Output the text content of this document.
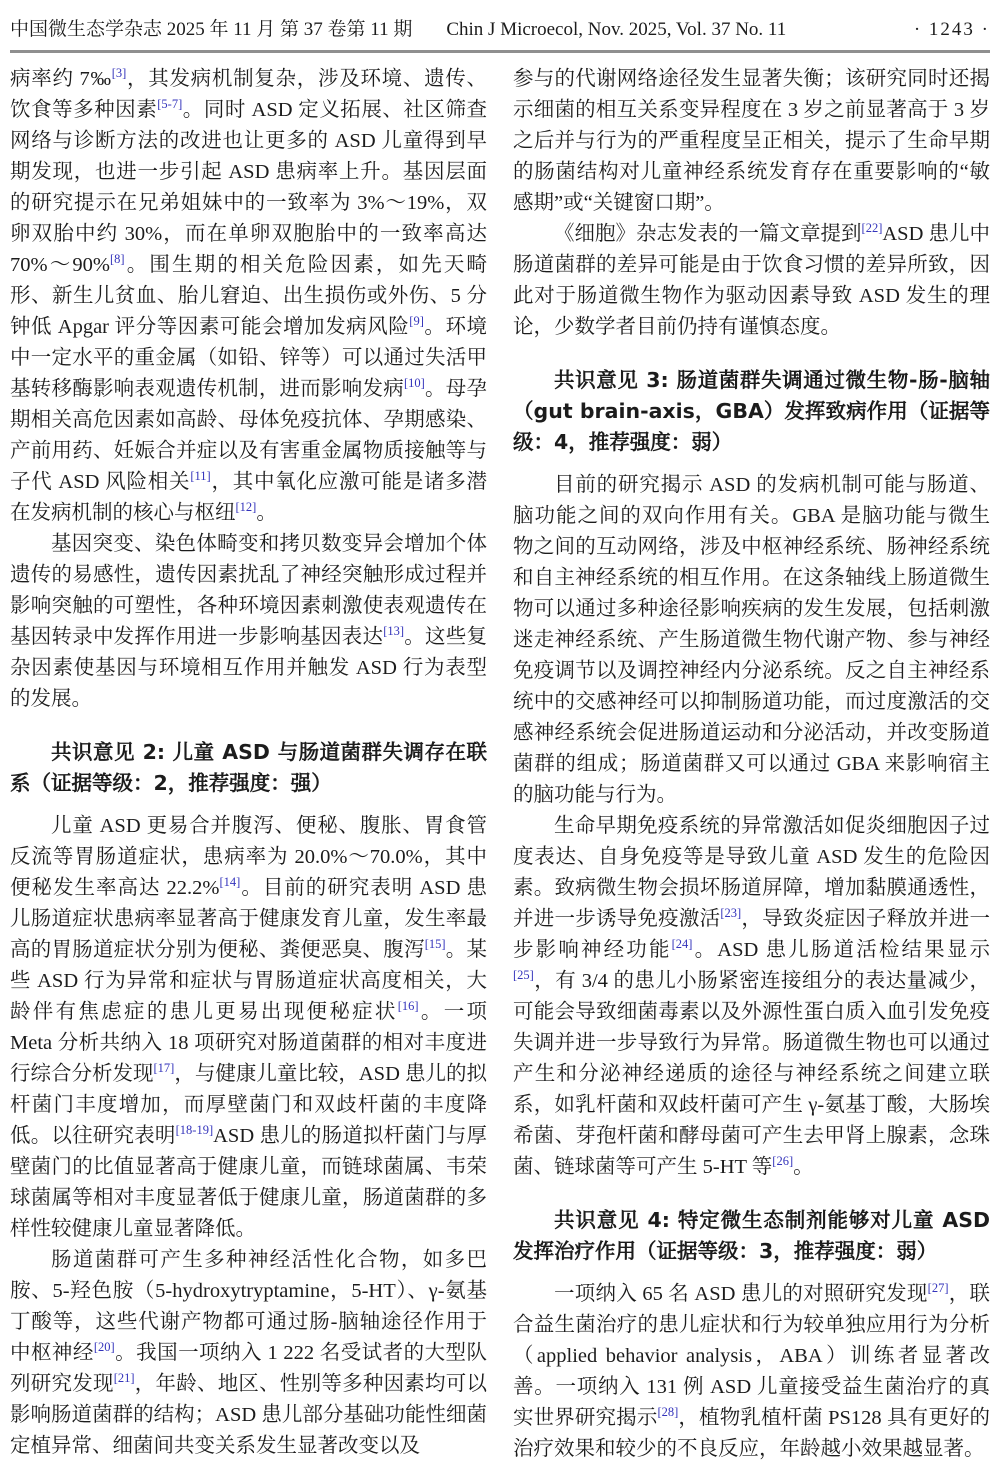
中国微生态学杂志 2025 年 11 月 第 37 卷第 11 期 Chin J Microecol, Nov. 2025, Vol. 37 No. 11	· 1243 ·

病率约 7‰[3]，其发病机制复杂，涉及环境、遗传、饮食等多种因素[5-7]。同时 ASD 定义拓展、社区筛查网络与诊断方法的改进也让更多的 ASD 儿童得到早期发现，也进一步引起 ASD 患病率上升。基因层面的研究提示在兄弟姐妹中的一致率为 3%～19%，双卵双胎中约 30%，而在单卵双胞胎中的一致率高达 70%～90%[8]。围生期的相关危险因素，如先天畸形、新生儿贫血、胎儿窘迫、出生损伤或外伤、5 分钟低 Apgar 评分等因素可能会增加发病风险[9]。环境中一定水平的重金属（如铅、锌等）可以通过失活甲基转移酶影响表观遗传机制，进而影响发病[10]。母孕期相关高危因素如高龄、母体免疫抗体、孕期感染、产前用药、妊娠合并症以及有害重金属物质接触等与子代 ASD 风险相关[11]，其中氧化应激可能是诸多潜在发病机制的核心与枢纽[12]。

基因突变、染色体畸变和拷贝数变异会增加个体遗传的易感性，遗传因素扰乱了神经突触形成过程并影响突触的可塑性，各种环境因素刺激使表观遗传在基因转录中发挥作用进一步影响基因表达[13]。这些复杂因素使基因与环境相互作用并触发 ASD 行为表型的发展。

共识意见 2: 儿童 ASD 与肠道菌群失调存在联系（证据等级：2，推荐强度：强）

儿童 ASD 更易合并腹泻、便秘、腹胀、胃食管反流等胃肠道症状，患病率为 20.0%～70.0%，其中便秘发生率高达 22.2%[14]。目前的研究表明 ASD 患儿肠道症状患病率显著高于健康发育儿童，发生率最高的胃肠道症状分别为便秘、粪便恶臭、腹泻[15]。某些 ASD 行为异常和症状与胃肠道症状高度相关，大龄伴有焦虑症的患儿更易出现便秘症状[16]。一项 Meta 分析共纳入 18 项研究对肠道菌群的相对丰度进行综合分析发现[17]，与健康儿童比较，ASD 患儿的拟杆菌门丰度增加，而厚壁菌门和双歧杆菌的丰度降低。以往研究表明[18-19]ASD 患儿的肠道拟杆菌门与厚壁菌门的比值显著高于健康儿童，而链球菌属、韦荣球菌属等相对丰度显著低于健康儿童，肠道菌群的多样性较健康儿童显著降低。

肠道菌群可产生多种神经活性化合物，如多巴胺、5-羟色胺（5-hydroxytryptamine，5-HT）、γ-氨基丁酸等，这些代谢产物都可通过肠-脑轴途径作用于中枢神经[20]。我国一项纳入 1 222 名受试者的大型队列研究发现[21]，年龄、地区、性别等多种因素均可以影响肠道菌群的结构；ASD 患儿部分基础功能性细菌定植异常、细菌间共变关系发生显著改变以及

参与的代谢网络途径发生显著失衡；该研究同时还揭示细菌的相互关系变异程度在 3 岁之前显著高于 3 岁之后并与行为的严重程度呈正相关，提示了生命早期的肠菌结构对儿童神经系统发育存在重要影响的“敏感期”或“关键窗口期”。

《细胞》杂志发表的一篇文章提到[22]ASD 患儿中肠道菌群的差异可能是由于饮食习惯的差异所致，因此对于肠道微生物作为驱动因素导致 ASD 发生的理论，少数学者目前仍持有谨慎态度。

共识意见 3: 肠道菌群失调通过微生物-肠-脑轴（gut brain-axis，GBA）发挥致病作用（证据等级：4，推荐强度：弱）

目前的研究揭示 ASD 的发病机制可能与肠道、脑功能之间的双向作用有关。GBA 是脑功能与微生物之间的互动网络，涉及中枢神经系统、肠神经系统和自主神经系统的相互作用。在这条轴线上肠道微生物可以通过多种途径影响疾病的发生发展，包括刺激迷走神经系统、产生肠道微生物代谢产物、参与神经免疫调节以及调控神经内分泌系统。反之自主神经系统中的交感神经可以抑制肠道功能，而过度激活的交感神经系统会促进肠道运动和分泌活动，并改变肠道菌群的组成；肠道菌群又可以通过 GBA 来影响宿主的脑功能与行为。

生命早期免疫系统的异常激活如促炎细胞因子过度表达、自身免疫等是导致儿童 ASD 发生的危险因素。致病微生物会损坏肠道屏障，增加黏膜通透性，并进一步诱导免疫激活[23]，导致炎症因子释放并进一步影响神经功能[24]。ASD 患儿肠道活检结果显示[25]，有 3/4 的患儿小肠紧密连接组分的表达量减少，可能会导致细菌毒素以及外源性蛋白质入血引发免疫失调并进一步导致行为异常。肠道微生物也可以通过产生和分泌神经递质的途径与神经系统之间建立联系，如乳杆菌和双歧杆菌可产生 γ-氨基丁酸，大肠埃希菌、芽孢杆菌和酵母菌可产生去甲肾上腺素，念珠菌、链球菌等可产生 5-HT 等[26]。

共识意见 4: 特定微生态制剂能够对儿童 ASD 发挥治疗作用（证据等级：3，推荐强度：弱）

一项纳入 65 名 ASD 患儿的对照研究发现[27]，联合益生菌治疗的患儿症状和行为较单独应用行为分析（applied behavior analysis，ABA）训练者显著改善。一项纳入 131 例 ASD 儿童接受益生菌治疗的真实世界研究揭示[28]，植物乳植杆菌 PS128 具有更好的治疗效果和较少的不良反应，年龄越小效果越显著。
